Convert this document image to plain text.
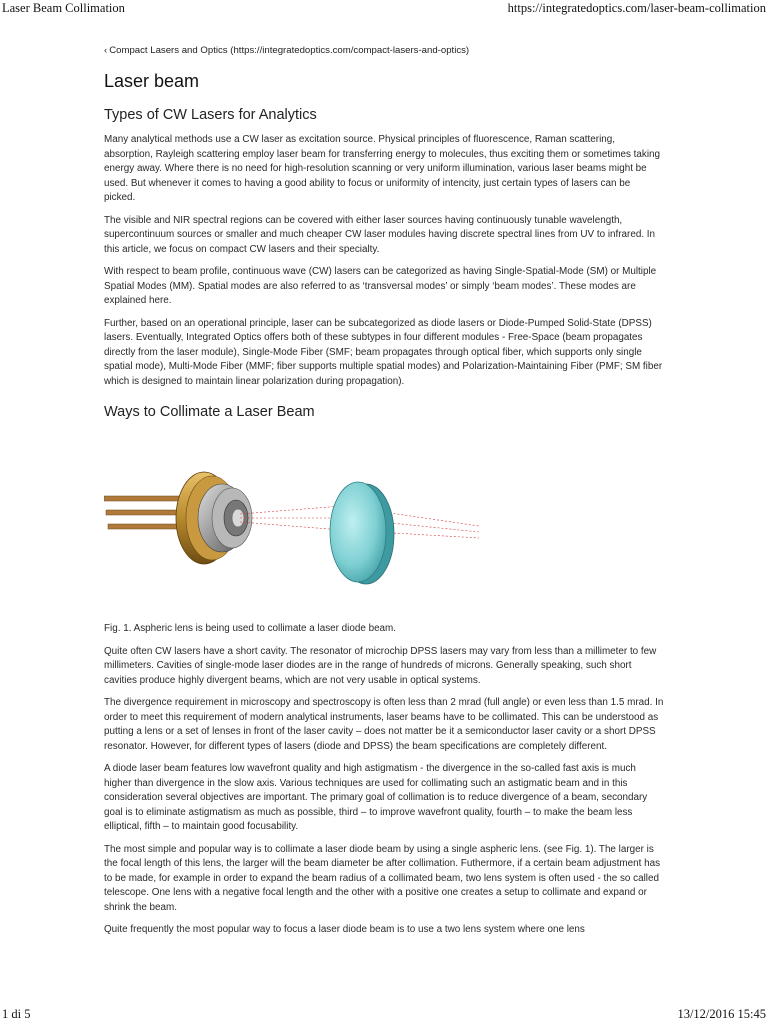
Laser Beam Collimation	https://integratedoptics.com/laser-beam-collimation
‹ Compact Lasers and Optics (https://integratedoptics.com/compact-lasers-and-optics)
Laser beam
Types of CW Lasers for Analytics

Many analytical methods use a CW laser as excitation source. Physical principles of fluorescence, Raman scattering, absorption, Rayleigh scattering employ laser beam for transferring energy to molecules, thus exciting them or sometimes taking energy away. Where there is no need for high-resolution scanning or very uniform illumination, various laser beams might be used. But whenever it comes to having a good ability to focus or uniformity of intencity, just certain types of lasers can be picked.

The visible and NIR spectral regions can be covered with either laser sources having continuously tunable wavelength, supercontinuum sources or smaller and much cheaper CW laser modules having discrete spectral lines from UV to infrared. In this article, we focus on compact CW lasers and their specialty.

With respect to beam profile, continuous wave (CW) lasers can be categorized as having Single-Spatial-Mode (SM) or Multiple Spatial Modes (MM). Spatial modes are also referred to as ‘transversal modes’ or simply ‘beam modes’. These modes are explained here.

Further, based on an operational principle, laser can be subcategorized as diode lasers or Diode-Pumped Solid-State (DPSS) lasers. Eventually, Integrated Optics offers both of these subtypes in four different modules - Free-Space (beam propagates directly from the laser module), Single-Mode Fiber (SMF; beam propagates through optical fiber, which supports only single spatial mode), Multi-Mode Fiber (MMF; fiber supports multiple spatial modes) and Polarization-Maintaining Fiber (PMF; SM fiber which is designed to maintain linear polarization during propagation).

Ways to Collimate a Laser Beam

Fig. 1. Aspheric lens is being used to collimate a laser diode beam.

Quite often CW lasers have a short cavity. The resonator of microchip DPSS lasers may vary from less than a millimeter to few millimeters. Cavities of single-mode laser diodes are in the range of hundreds of microns. Generally speaking, such short cavities produce highly divergent beams, which are not very usable in optical systems.

The divergence requirement in microscopy and spectroscopy is often less than 2 mrad (full angle) or even less than 1.5 mrad. In order to meet this requirement of modern analytical instruments, laser beams have to be collimated. This can be understood as putting a lens or a set of lenses in front of the laser cavity – does not matter be it a semiconductor laser cavity or a short DPSS resonator. However, for different types of lasers (diode and DPSS) the beam specifications are completely different.

A diode laser beam features low wavefront quality and high astigmatism - the divergence in the so-called fast axis is much higher than divergence in the slow axis. Various techniques are used for collimating such an astigmatic beam and in this consideration several objectives are important. The primary goal of collimation is to reduce divergence of a beam, secondary goal is to eliminate astigmatism as much as possible, third – to improve wavefront quality, fourth – to make the beam less elliptical, fifth – to maintain good focusability.

The most simple and popular way is to collimate a laser diode beam by using a single aspheric lens. (see Fig. 1). The larger is the focal length of this lens, the larger will the beam diameter be after collimation. Futhermore, if a certain beam adjustment has to be made, for example in order to expand the beam radius of a collimated beam, two lens system is often used - the so called telescope. One lens with a negative focal length and the other with a positive one creates a setup to collimate and expand or shrink the beam.

Quite frequently the most popular way to focus a laser diode beam is to use a two lens system where one lens

1 di 5	13/12/2016 15:45
